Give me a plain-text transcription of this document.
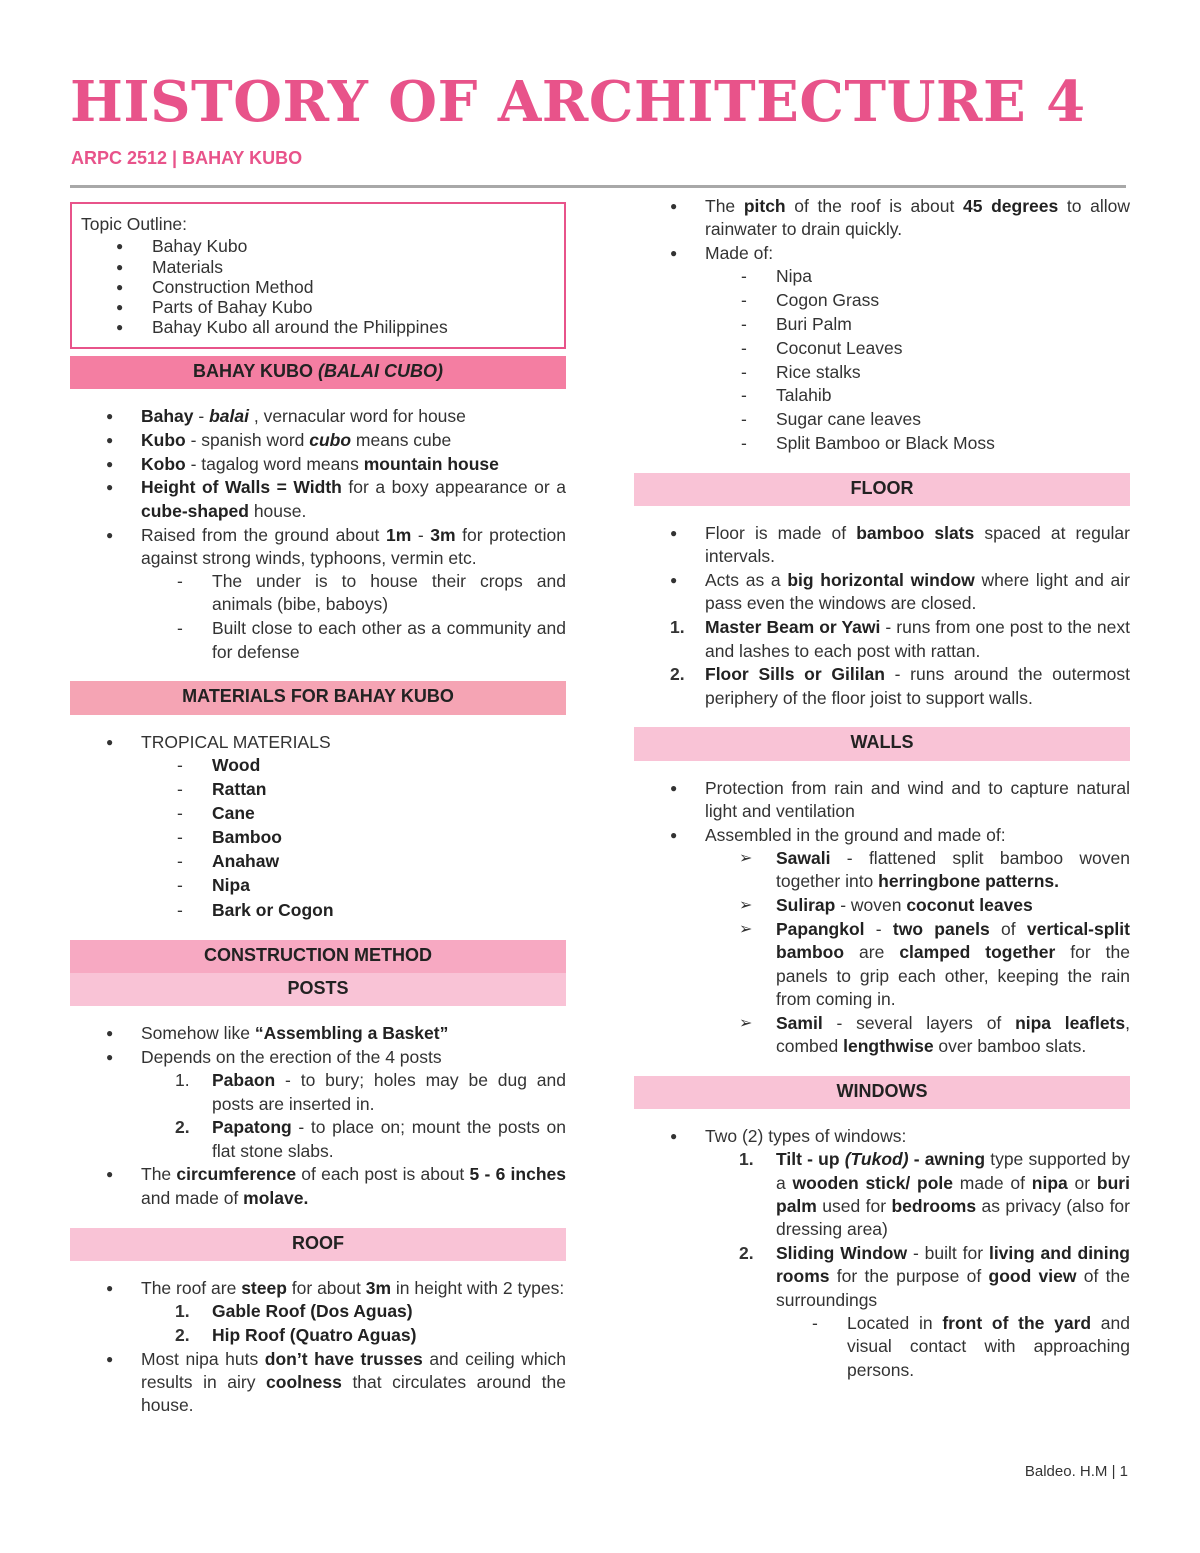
HISTORY OF ARCHITECTURE 4
ARPC 2512 | BAHAY KUBO

Topic Outline:

● Bahay Kubo
● Materials
● Construction Method
● Parts of Bahay Kubo
● Bahay Kubo all around the Philippines
BAHAY KUBO (BALAI CUBO)
● Bahay - balai , vernacular word for house
● Kubo - spanish word cubo means cube
● Kobo - tagalog word means mountain house
● Height of Walls = Width for a boxy appearance or a cube-shaped house.
● Raised from the ground about 1m - 3m for protection against strong winds, typhoons, vermin etc.
- The under is to house their crops and animals (bibe, baboys)
- Built close to each other as a community and for defense
MATERIALS FOR BAHAY KUBO
● TROPICAL MATERIALS
- Wood
- Rattan
- Cane
- Bamboo
- Anahaw
- Nipa
- Bark or Cogon
CONSTRUCTION METHOD
POSTS
● Somehow like “Assembling a Basket”
● Depends on the erection of the 4 posts
1. Pabaon - to bury; holes may be dug and posts are inserted in.
2. Papatong - to place on; mount the posts on flat stone slabs.
● The circumference of each post is about 5 - 6 inches and made of molave.
ROOF
● The roof are steep for about 3m in height with 2 types:
1. Gable Roof (Dos Aguas)
2. Hip Roof (Quatro Aguas)
● Most nipa huts don’t have trusses and ceiling which results in airy coolness that circulates around the house.
● The pitch of the roof is about 45 degrees to allow rainwater to drain quickly.
● Made of:
- Nipa
- Cogon Grass
- Buri Palm
- Coconut Leaves
- Rice stalks
- Talahib
- Sugar cane leaves
- Split Bamboo or Black Moss
FLOOR
● Floor is made of bamboo slats spaced at regular intervals.
● Acts as a big horizontal window where light and air pass even the windows are closed.
1. Master Beam or Yawi - runs from one post to the next and lashes to each post with rattan.
2. Floor Sills or Gililan - runs around the outermost periphery of the floor joist to support walls.
WALLS
● Protection from rain and wind and to capture natural light and ventilation
● Assembled in the ground and made of:
➢ Sawali - flattened split bamboo woven together into herringbone patterns.
➢ Sulirap - woven coconut leaves
➢ Papangkol - two panels of vertical-split bamboo are clamped together for the panels to grip each other, keeping the rain from coming in.
➢ Samil - several layers of nipa leaflets, combed lengthwise over bamboo slats.
WINDOWS
● Two (2) types of windows:
1. Tilt - up (Tukod) - awning type supported by a wooden stick/ pole made of nipa or buri palm used for bedrooms as privacy (also for dressing area)
2. Sliding Window - built for living and dining rooms for the purpose of good view of the surroundings
- Located in front of the yard and visual contact with approaching persons.
Baldeo. H.M | 1
